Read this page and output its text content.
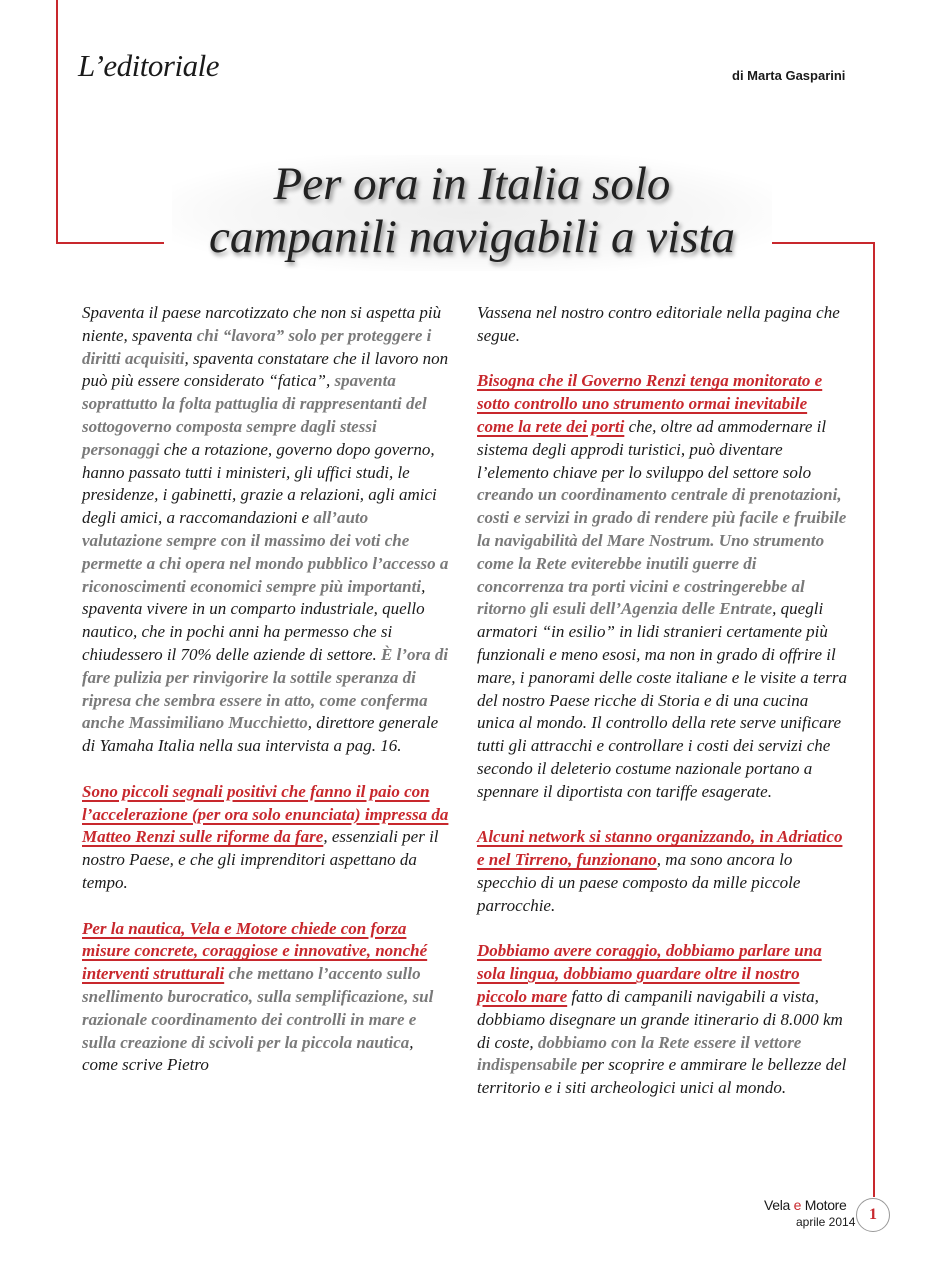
L’editoriale	di Marta Gasparini
Per ora in Italia solo
campanili navigabili a vista

Spaventa il paese narcotizzato che non si aspetta più niente, spaventa chi “lavora” solo per proteggere i diritti acquisiti, spaventa constatare che il lavoro non può più essere considerato “fatica”, spaventa soprattutto la folta pattuglia di rappresentanti del sottogoverno composta sempre dagli stessi personaggi che a rotazione, governo dopo governo, hanno passato tutti i ministeri, gli uffici studi, le presidenze, i gabinetti, grazie a relazioni, agli amici degli amici, a raccomandazioni e all’auto valutazione sempre con il massimo dei voti che permette a chi opera nel mondo pubblico l’accesso a riconoscimenti economici sempre più importanti, spaventa vivere in un comparto industriale, quello nautico, che in pochi anni ha permesso che si chiudessero il 70% delle aziende di settore. È l’ora di fare pulizia per rinvigorire la sottile speranza di ripresa che sembra essere in atto, come conferma anche Massimiliano Mucchietto, direttore generale di Yamaha Italia nella sua intervista a pag. 16.

Sono piccoli segnali positivi che fanno il paio con l’accelerazione (per ora solo enunciata) impressa da Matteo Renzi sulle riforme da fare, essenziali per il nostro Paese, e che gli imprenditori aspettano da tempo.

Per la nautica, Vela e Motore chiede con forza misure concrete, coraggiose e innovative, nonché interventi strutturali che mettano l’accento sullo snellimento burocratico, sulla semplificazione, sul razionale coordinamento dei controlli in mare e sulla creazione di scivoli per la piccola nautica, come scrive Pietro

Vassena nel nostro contro editoriale nella pagina che segue.

Bisogna che il Governo Renzi tenga monitorato e sotto controllo uno strumento ormai inevitabile come la rete dei porti che, oltre ad ammodernare il sistema degli approdi turistici, può diventare l’elemento chiave per lo sviluppo del settore solo creando un coordinamento centrale di prenotazioni, costi e servizi in grado di rendere più facile e fruibile la navigabilità del Mare Nostrum. Uno strumento come la Rete eviterebbe inutili guerre di concorrenza tra porti vicini e costringerebbe al ritorno gli esuli dell’Agenzia delle Entrate, quegli armatori “in esilio” in lidi stranieri certamente più funzionali e meno esosi, ma non in grado di offrire il mare, i panorami delle coste italiane e le visite a terra del nostro Paese ricche di Storia e di una cucina unica al mondo. Il controllo della rete serve unificare tutti gli attracchi e controllare i costi dei servizi che secondo il deleterio costume nazionale portano a spennare il diportista con tariffe esagerate.

Alcuni network si stanno organizzando, in Adriatico e nel Tirreno, funzionano, ma sono ancora lo specchio di un paese composto da mille piccole parrocchie.

Dobbiamo avere coraggio, dobbiamo parlare una sola lingua, dobbiamo guardare oltre il nostro piccolo mare fatto di campanili navigabili a vista, dobbiamo disegnare un grande itinerario di 8.000 km di coste, dobbiamo con la Rete essere il vettore indispensabile per scoprire e ammirare le bellezze del territorio e i siti archeologici unici al mondo.

Vela e Motore
aprile 2014 1
